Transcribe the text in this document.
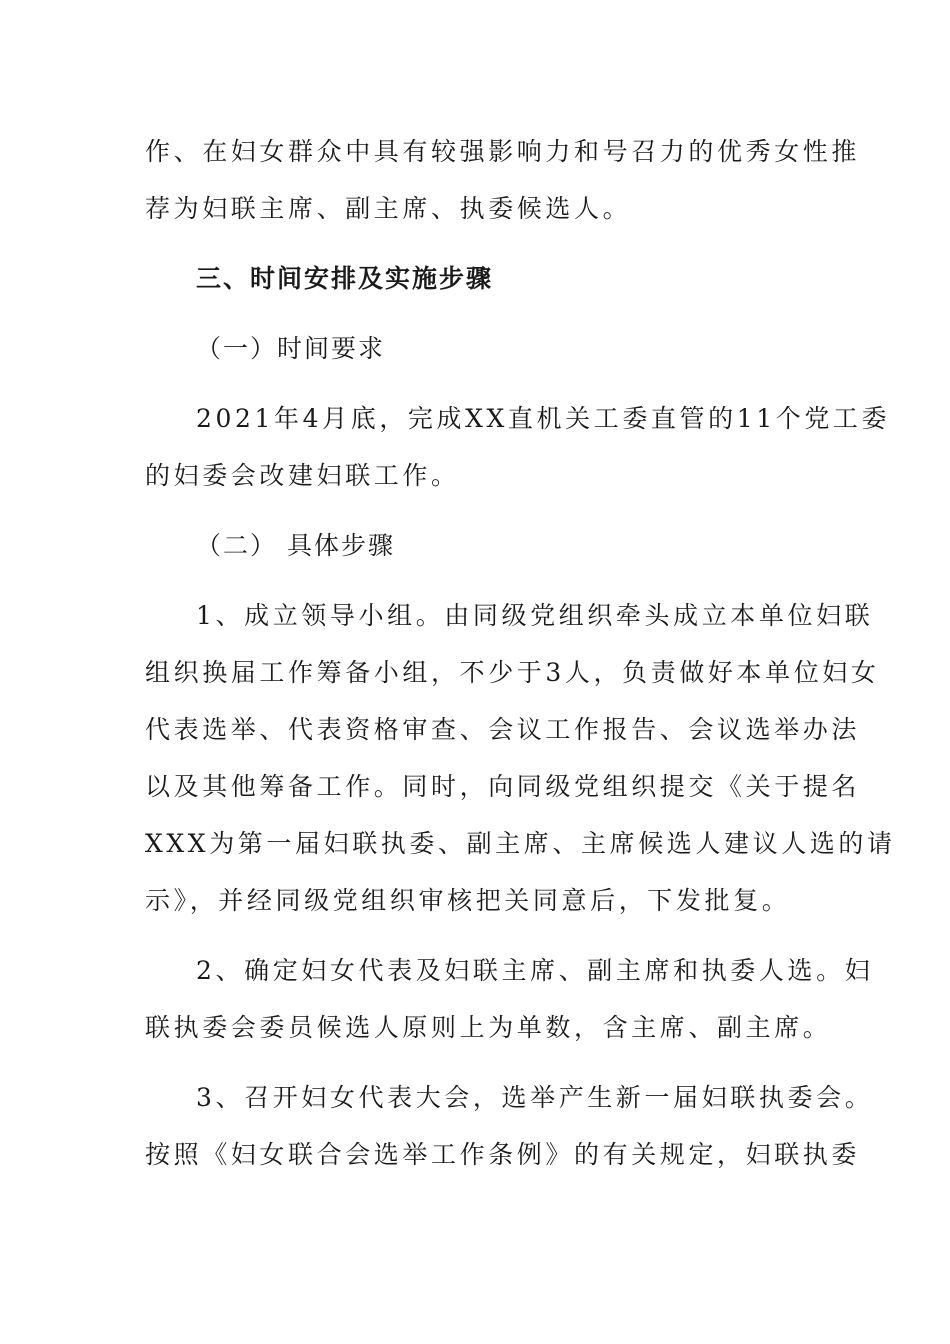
作、在妇女群众中具有较强影响力和号召力的优秀女性推
荐为妇联主席、副主席、执委候选人。
三、时间安排及实施步骤
（一）时间要求
2021年4月底，完成XX直机关工委直管的11个党工委
的妇委会改建妇联工作。
（二） 具体步骤
1、成立领导小组。由同级党组织牵头成立本单位妇联
组织换届工作筹备小组，不少于3人，负责做好本单位妇女
代表选举、代表资格审查、会议工作报告、会议选举办法
以及其他筹备工作。同时，向同级党组织提交《关于提名
XXX为第一届妇联执委、副主席、主席候选人建议人选的请
示》，并经同级党组织审核把关同意后，下发批复。
2、确定妇女代表及妇联主席、副主席和执委人选。妇
联执委会委员候选人原则上为单数，含主席、副主席。
3、召开妇女代表大会，选举产生新一届妇联执委会。
按照《妇女联合会选举工作条例》的有关规定，妇联执委
